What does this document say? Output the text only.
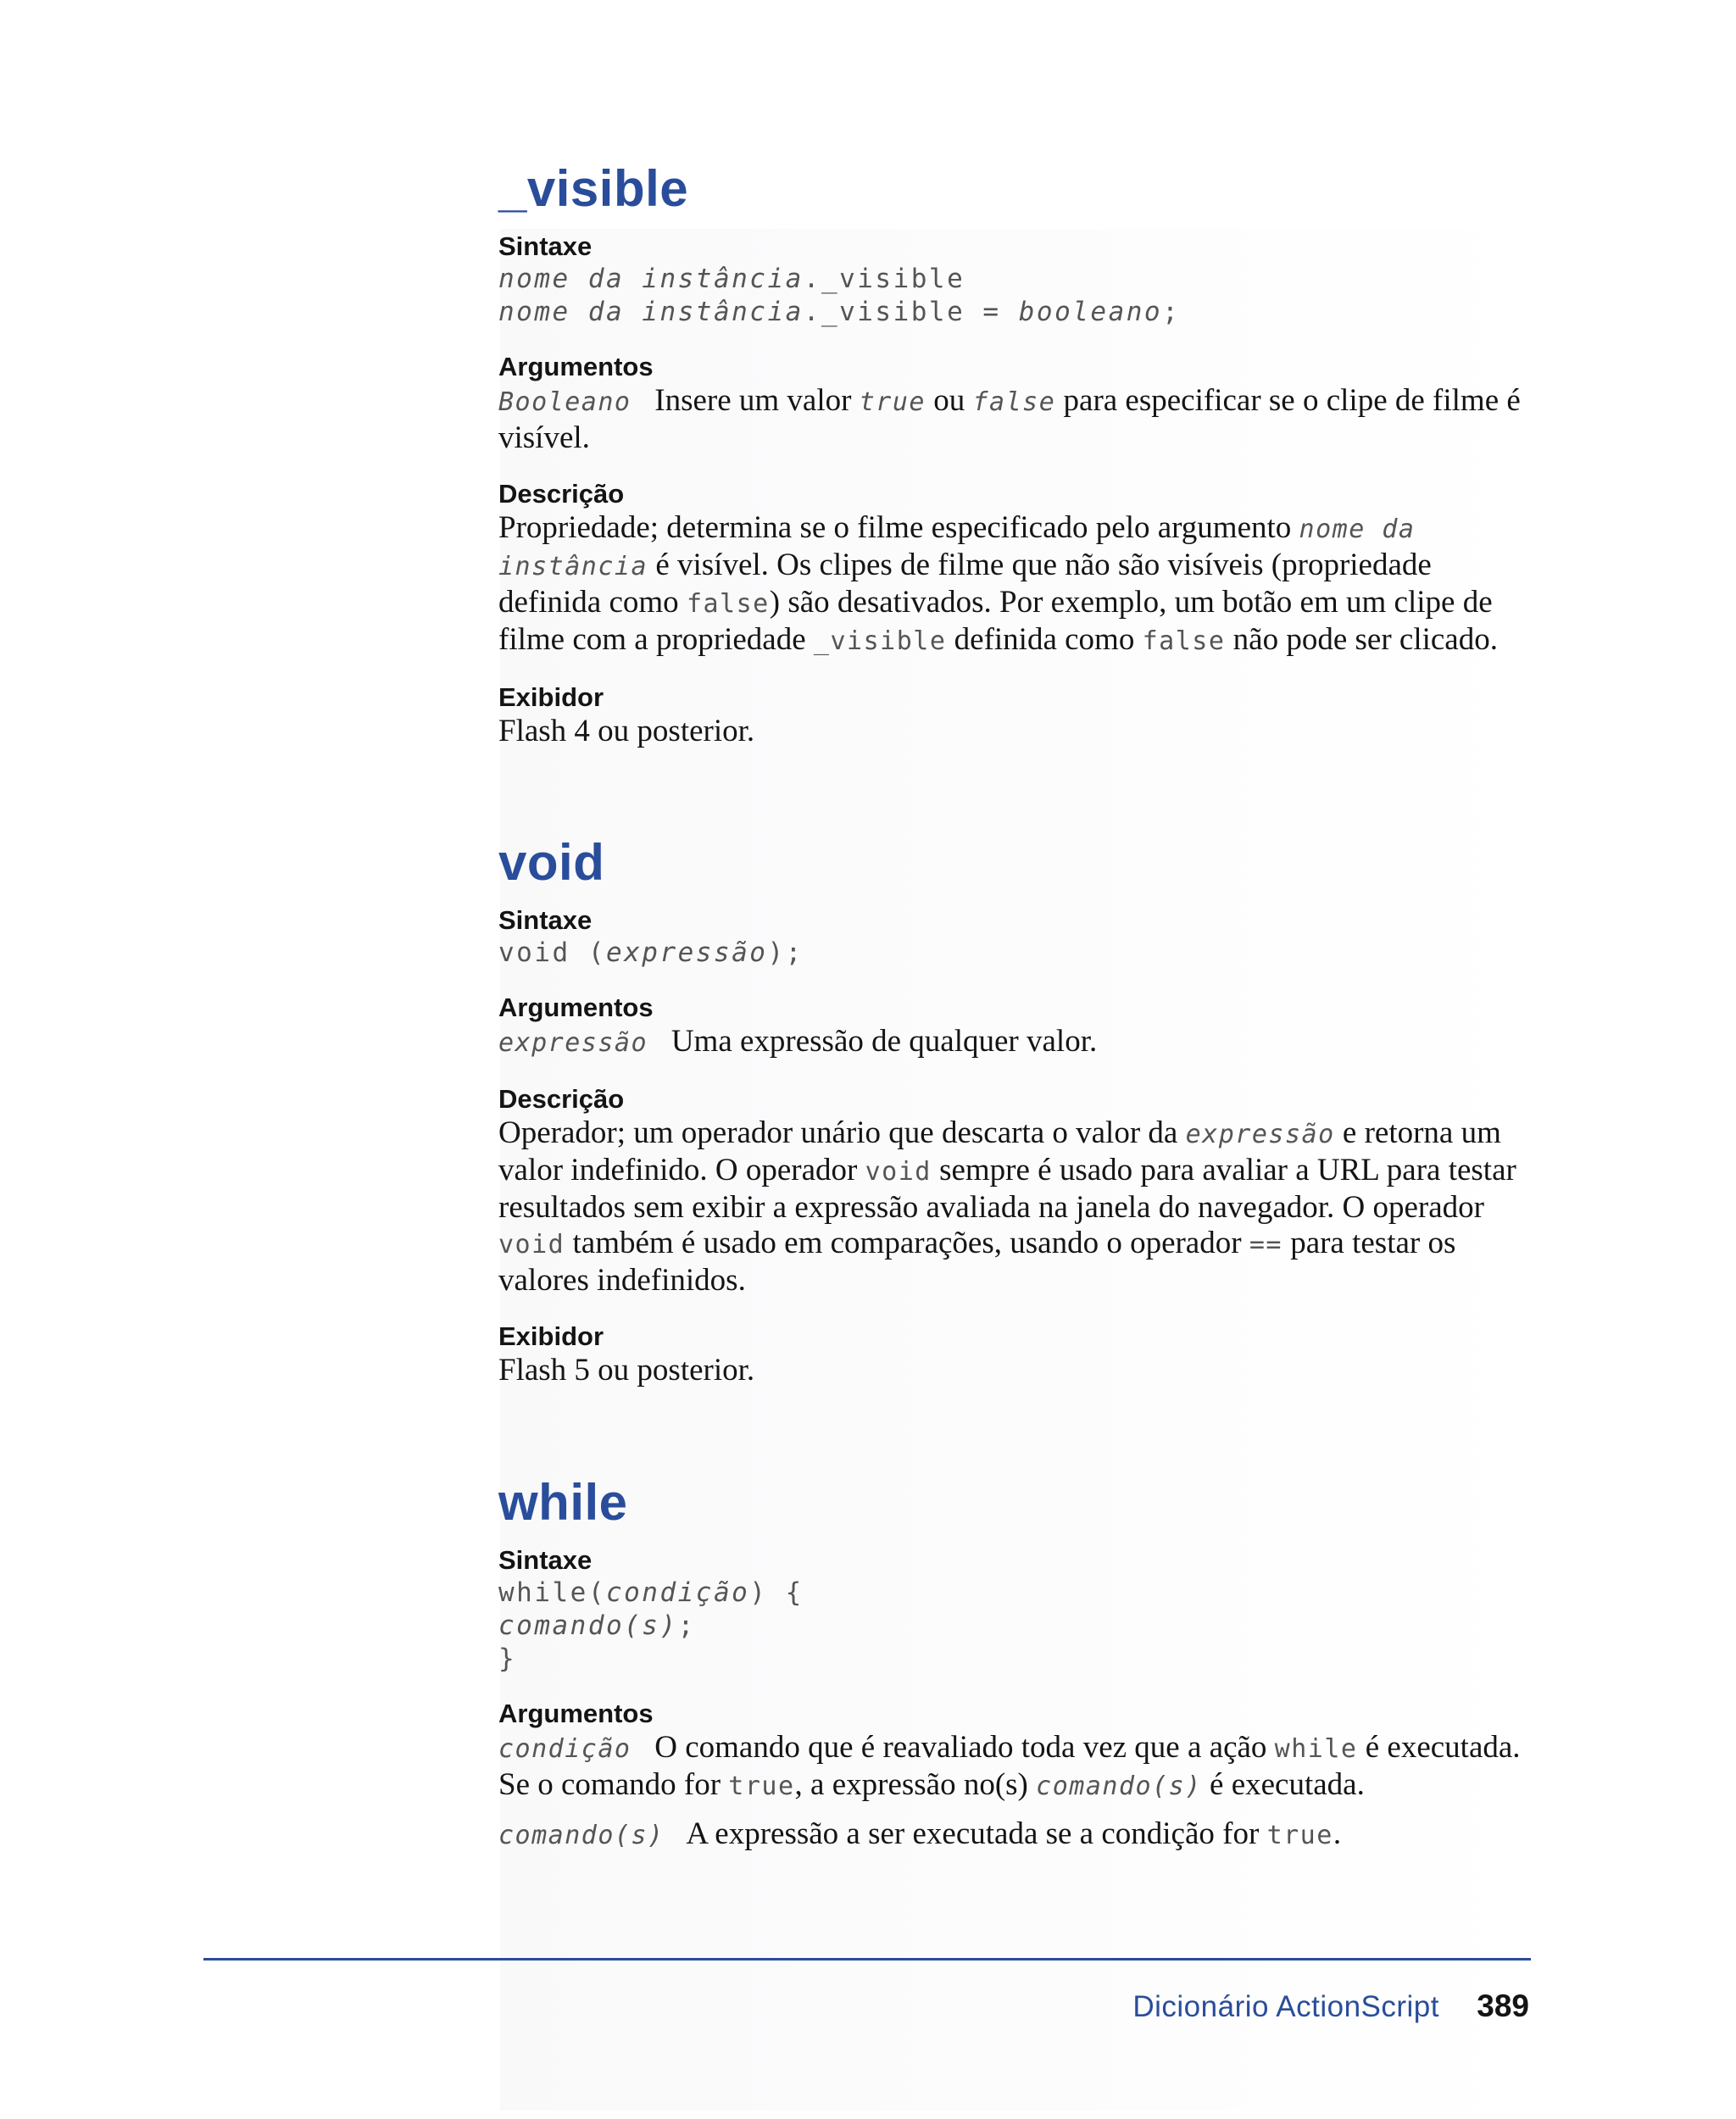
_visible
Sintaxe
nome da instância._visible
nome da instância._visible = booleano;
Argumentos

Booleano Insere um valor true ou false para especificar se o clipe de filme é visível.

Descrição

Propriedade; determina se o filme especificado pelo argumento nome da instância é visível. Os clipes de filme que não são visíveis (propriedade definida como false) são desativados. Por exemplo, um botão em um clipe de filme com a propriedade _visible definida como false não pode ser clicado.

Exibidor

Flash 4 ou posterior.

void
Sintaxe
void (expressão);
Argumentos

expressão Uma expressão de qualquer valor.

Descrição

Operador; um operador unário que descarta o valor da expressão e retorna um valor indefinido. O operador void sempre é usado para avaliar a URL para testar resultados sem exibir a expressão avaliada na janela do navegador. O operador void também é usado em comparações, usando o operador == para testar os valores indefinidos.

Exibidor

Flash 5 ou posterior.

while
Sintaxe
while(condição) {
comando(s);
}
Argumentos

condição O comando que é reavaliado toda vez que a ação while é executada. Se o comando for true, a expressão no(s) comando(s) é executada.

comando(s) A expressão a ser executada se a condição for true.

Dicionário ActionScript 389
